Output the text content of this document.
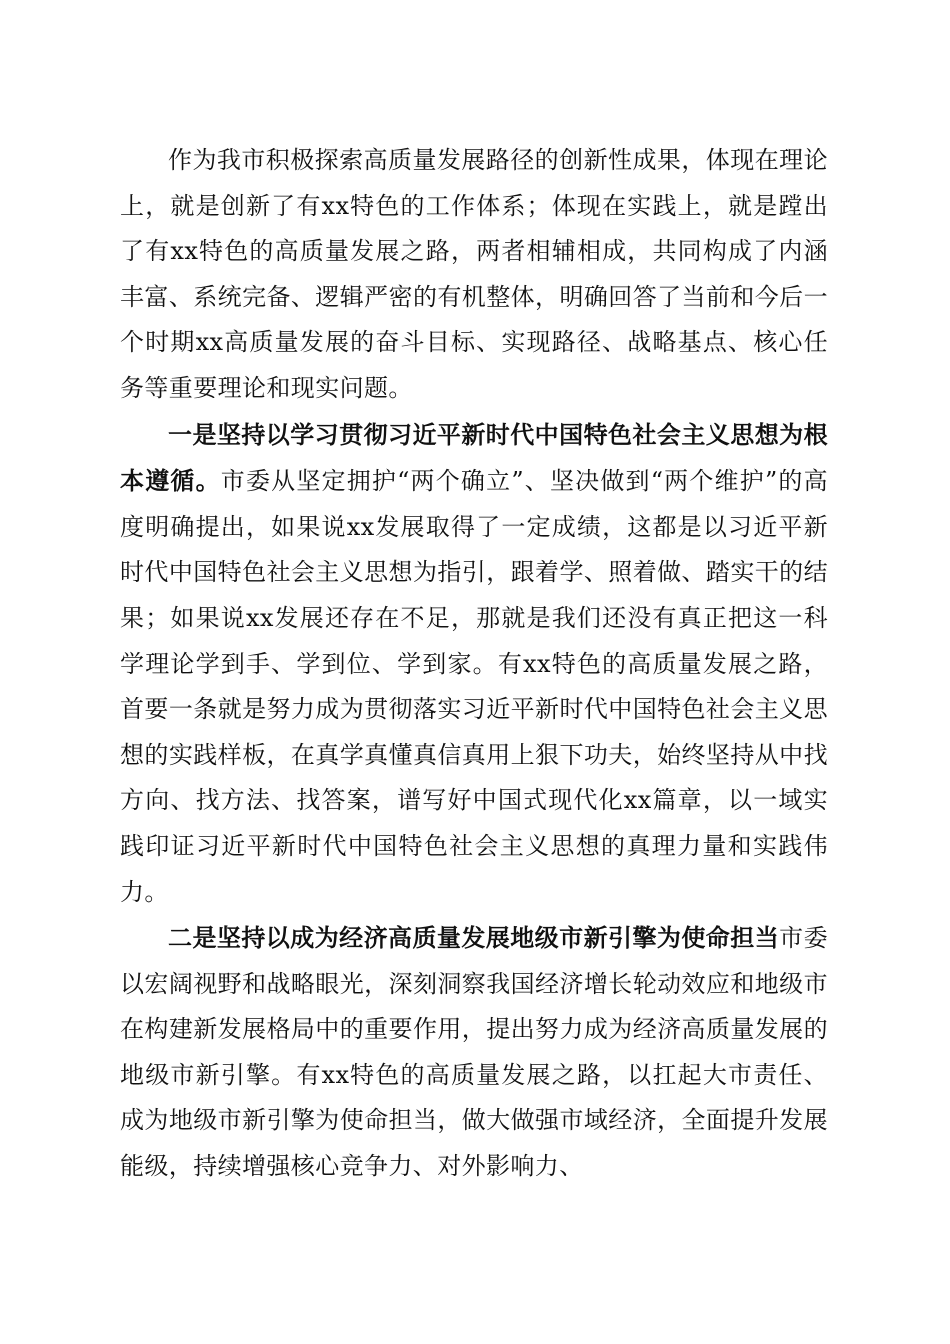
作为我市积极探索高质量发展路径的创新性成果，体现在理论上，就是创新了有xx特色的工作体系；体现在实践上，就是蹚出了有xx特色的高质量发展之路，两者相辅相成，共同构成了内涵丰富、系统完备、逻辑严密的有机整体，明确回答了当前和今后一个时期xx高质量发展的奋斗目标、实现路径、战略基点、核心任务等重要理论和现实问题。

一是坚持以学习贯彻习近平新时代中国特色社会主义思想为根本遵循。市委从坚定拥护“两个确立”、坚决做到“两个维护”的高度明确提出，如果说xx发展取得了一定成绩，这都是以习近平新时代中国特色社会主义思想为指引，跟着学、照着做、踏实干的结果；如果说xx发展还存在不足，那就是我们还没有真正把这一科学理论学到手、学到位、学到家。有xx特色的高质量发展之路，首要一条就是努力成为贯彻落实习近平新时代中国特色社会主义思想的实践样板，在真学真懂真信真用上狠下功夫，始终坚持从中找方向、找方法、找答案，谱写好中国式现代化xx篇章，以一域实践印证习近平新时代中国特色社会主义思想的真理力量和实践伟力。

二是坚持以成为经济高质量发展地级市新引擎为使命担当市委以宏阔视野和战略眼光，深刻洞察我国经济增长轮动效应和地级市在构建新发展格局中的重要作用，提出努力成为经济高质量发展的地级市新引擎。有xx特色的高质量发展之路，以扛起大市责任、成为地级市新引擎为使命担当，做大做强市域经济，全面提升发展能级，持续增强核心竞争力、对外影响力、
